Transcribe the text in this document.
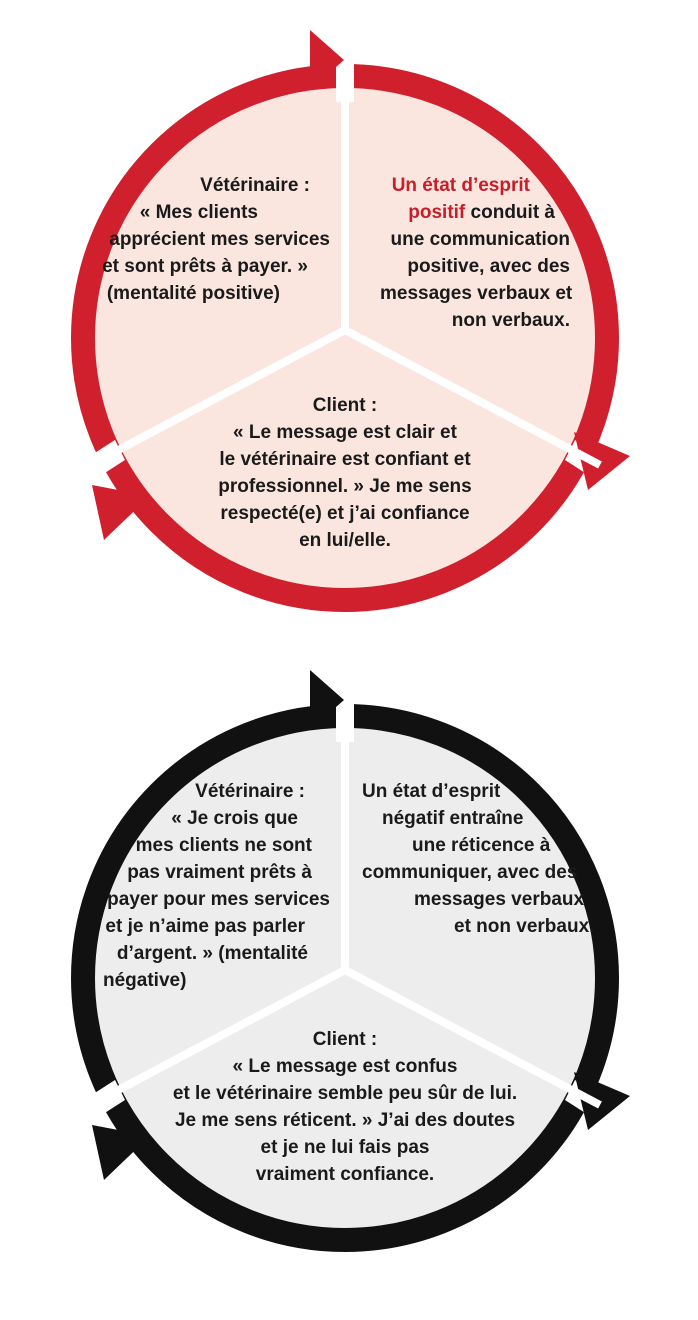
Vétérinaire :
« Mes clients
apprécient mes services
et sont prêts à payer. »
(mentalité positive)
Un état d’esprit
positif conduit à
une communication
positive, avec des
messages verbaux et
non verbaux.
Client :
« Le message est clair et
le vétérinaire est confiant et
professionnel. » Je me sens
respecté(e) et j’ai confiance
en lui/elle.
Vétérinaire :
« Je crois que
mes clients ne sont
pas vraiment prêts à
payer pour mes services
et je n’aime pas parler
d’argent. » (mentalité
négative)
Un état d’esprit
négatif entraîne
une réticence à
communiquer, avec des
messages verbaux
et non verbaux.
Client :
« Le message est confus
et le vétérinaire semble peu sûr de lui.
Je me sens réticent. » J’ai des doutes
et je ne lui fais pas
vraiment confiance.
